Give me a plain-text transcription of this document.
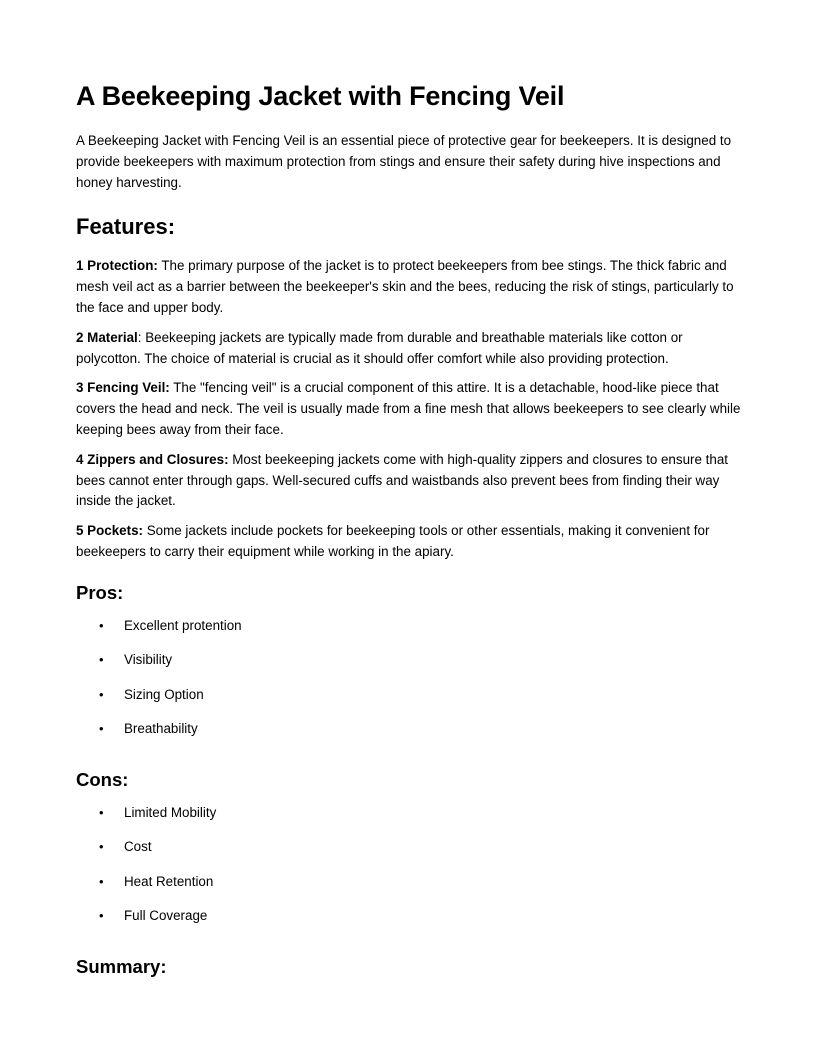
A Beekeeping Jacket with Fencing Veil

A Beekeeping Jacket with Fencing Veil is an essential piece of protective gear for beekeepers. It is designed to provide beekeepers with maximum protection from stings and ensure their safety during hive inspections and honey harvesting.

Features:

1 Protection: The primary purpose of the jacket is to protect beekeepers from bee stings. The thick fabric and mesh veil act as a barrier between the beekeeper's skin and the bees, reducing the risk of stings, particularly to the face and upper body.

2 Material: Beekeeping jackets are typically made from durable and breathable materials like cotton or polycotton. The choice of material is crucial as it should offer comfort while also providing protection.

3 Fencing Veil: The "fencing veil" is a crucial component of this attire. It is a detachable, hood-like piece that covers the head and neck. The veil is usually made from a fine mesh that allows beekeepers to see clearly while keeping bees away from their face.

4 Zippers and Closures: Most beekeeping jackets come with high-quality zippers and closures to ensure that bees cannot enter through gaps. Well-secured cuffs and waistbands also prevent bees from finding their way inside the jacket.

5 Pockets: Some jackets include pockets for beekeeping tools or other essentials, making it convenient for beekeepers to carry their equipment while working in the apiary.

Pros:
• Excellent protention
• Visibility
• Sizing Option
• Breathability
Cons:
• Limited Mobility
• Cost
• Heat Retention
• Full Coverage
Summary:
